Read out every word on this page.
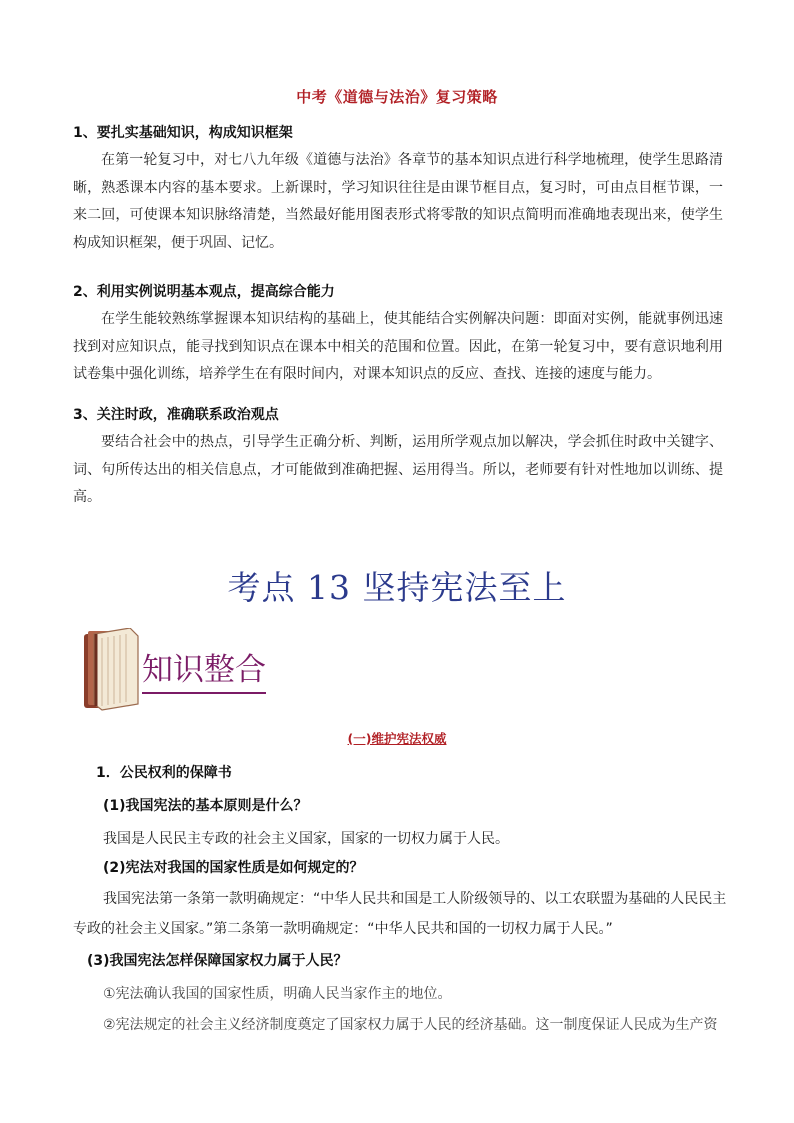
中考《道德与法治》复习策略
1、要扎实基础知识，构成知识框架

在第一轮复习中，对七八九年级《道德与法治》各章节的基本知识点进行科学地梳理，使学生思路清晰，熟悉课本内容的基本要求。上新课时，学习知识往往是由课节框目点，复习时，可由点目框节课，一来二回，可使课本知识脉络清楚，当然最好能用图表形式将零散的知识点简明而准确地表现出来，使学生构成知识框架，便于巩固、记忆。

2、利用实例说明基本观点，提高综合能力

在学生能较熟练掌握课本知识结构的基础上，使其能结合实例解决问题：即面对实例，能就事例迅速找到对应知识点，能寻找到知识点在课本中相关的范围和位置。因此，在第一轮复习中，要有意识地利用试卷集中强化训练，培养学生在有限时间内，对课本知识点的反应、查找、连接的速度与能力。

3、关注时政，准确联系政治观点

要结合社会中的热点，引导学生正确分析、判断，运用所学观点加以解决，学会抓住时政中关键字、词、句所传达出的相关信息点，才可能做到准确把握、运用得当。所以，老师要有针对性地加以训练、提高。

考点 13 坚持宪法至上
知识整合
(一)维护宪法权威
1．公民权利的保障书
(1)我国宪法的基本原则是什么？
我国是人民民主专政的社会主义国家，国家的一切权力属于人民。
(2)宪法对我国的国家性质是如何规定的？
我国宪法第一条第一款明确规定：“中华人民共和国是工人阶级领导的、以工农联盟为基础的人民民主
专政的社会主义国家。”第二条第一款明确规定：“中华人民共和国的一切权力属于人民。”
(3)我国宪法怎样保障国家权力属于人民？
①宪法确认我国的国家性质，明确人民当家作主的地位。
②宪法规定的社会主义经济制度奠定了国家权力属于人民的经济基础。这一制度保证人民成为生产资
